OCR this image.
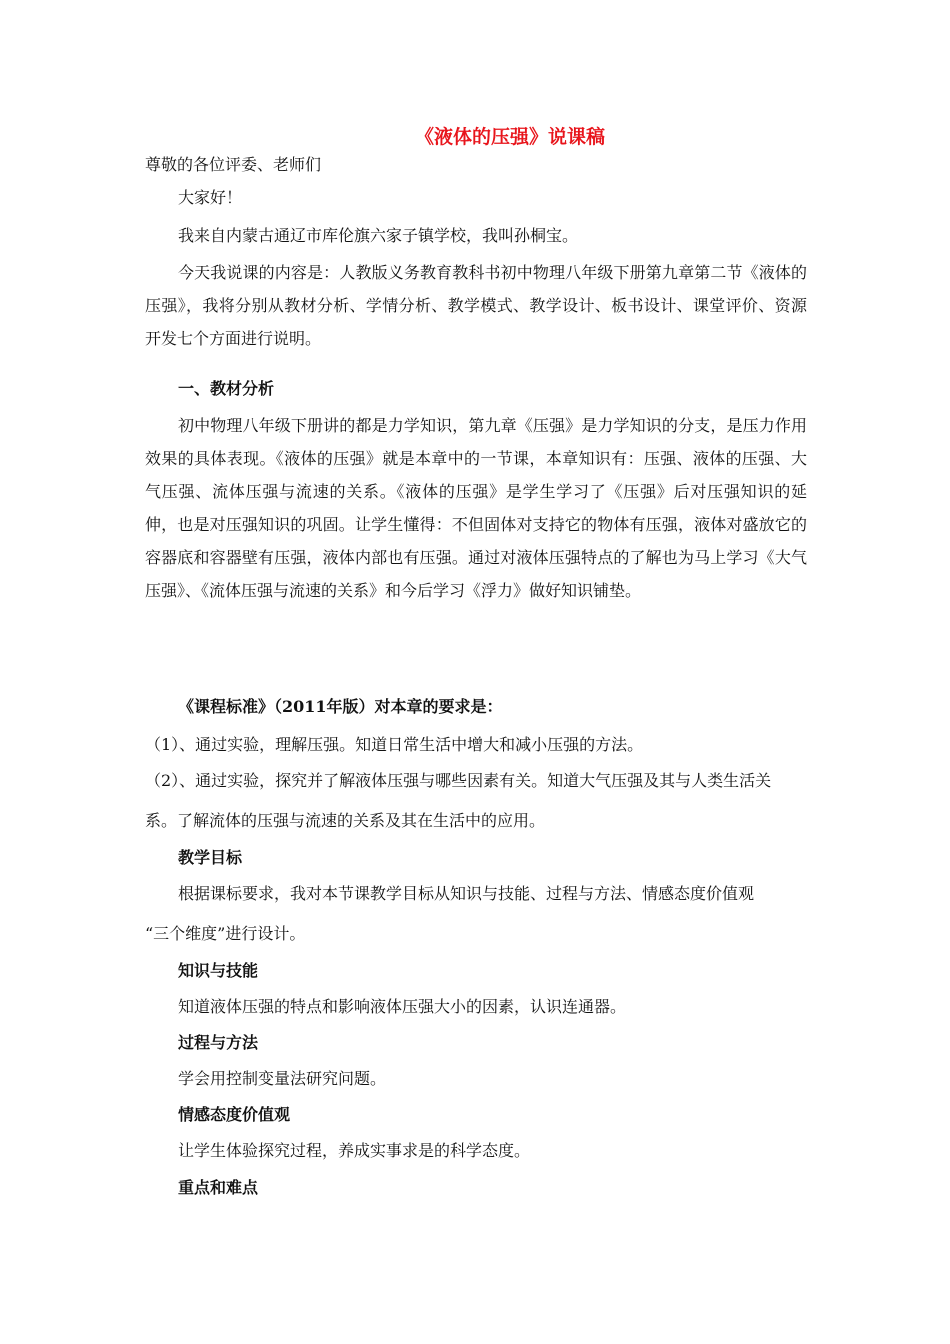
《液体的压强》说课稿
尊敬的各位评委、老师们
大家好！
我来自内蒙古通辽市库伦旗六家子镇学校，我叫孙桐宝。
今天我说课的内容是：人教版义务教育教科书初中物理八年级下册第九章第二节《液体的压强》，我将分别从教材分析、学情分析、教学模式、教学设计、板书设计、课堂评价、资源开发七个方面进行说明。
一、教材分析
初中物理八年级下册讲的都是力学知识，第九章《压强》是力学知识的分支，是压力作用效果的具体表现。《液体的压强》就是本章中的一节课，本章知识有：压强、液体的压强、大气压强、流体压强与流速的关系。《液体的压强》是学生学习了《压强》后对压强知识的延伸，也是对压强知识的巩固。让学生懂得：不但固体对支持它的物体有压强，液体对盛放它的容器底和容器壁有压强，液体内部也有压强。通过对液体压强特点的了解也为马上学习《大气压强》、《流体压强与流速的关系》和今后学习《浮力》做好知识铺垫。
《课程标准》（2011年版）对本章的要求是：
（1）、通过实验，理解压强。知道日常生活中增大和减小压强的方法。
（2）、通过实验，探究并了解液体压强与哪些因素有关。知道大气压强及其与人类生活关
系。了解流体的压强与流速的关系及其在生活中的应用。
教学目标
根据课标要求，我对本节课教学目标从知识与技能、过程与方法、情感态度价值观
“三个维度”进行设计。
知识与技能
知道液体压强的特点和影响液体压强大小的因素，认识连通器。
过程与方法
学会用控制变量法研究问题。
情感态度价值观
让学生体验探究过程，养成实事求是的科学态度。
重点和难点
